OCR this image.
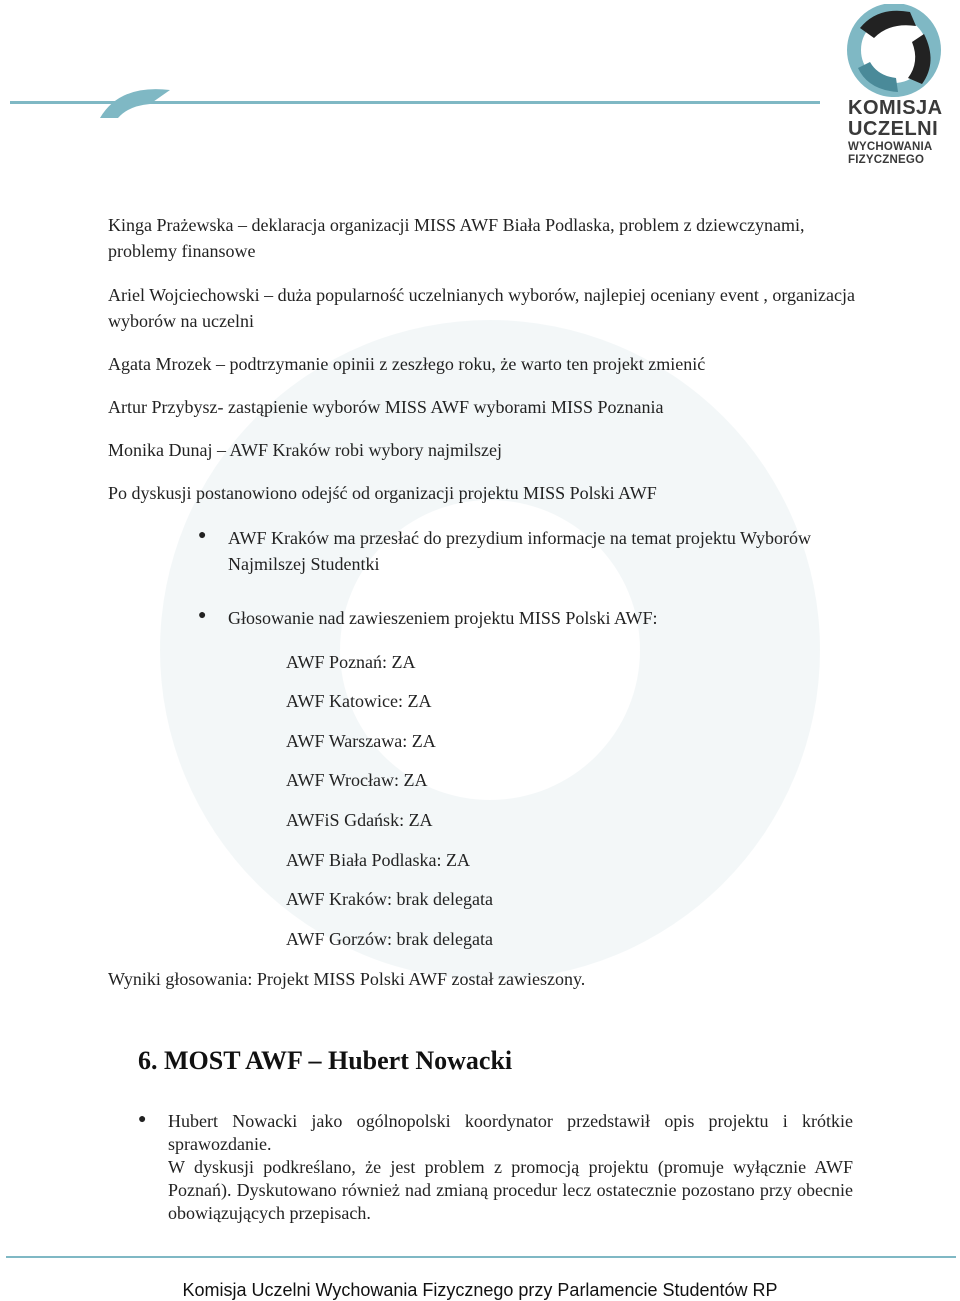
KOMISJA
UCZELNI
WYCHOWANIA
FIZYCZNEGO

Kinga Prażewska – deklaracja organizacji MISS AWF Biała Podlaska, problem z dziewczynami, problemy finansowe

Ariel Wojciechowski – duża popularność uczelnianych wyborów, najlepiej oceniany event , organizacja wyborów na uczelni

Agata Mrozek – podtrzymanie opinii z zeszłego roku, że warto ten projekt zmienić

Artur Przybysz- zastąpienie wyborów MISS AWF wyborami MISS Poznania

Monika Dunaj – AWF Kraków robi wybory najmilszej

Po dyskusji postanowiono odejść od organizacji projektu MISS Polski AWF

● AWF Kraków ma przesłać do prezydium informacje na temat projektu Wyborów Najmilszej Studentki

● Głosowanie nad zawieszeniem projektu MISS Polski AWF:

AWF Poznań: ZA
AWF Katowice: ZA
AWF Warszawa: ZA
AWF Wrocław: ZA
AWFiS Gdańsk: ZA
AWF Biała Podlaska: ZA
AWF Kraków: brak delegata
AWF Gorzów: brak delegata

Wyniki głosowania: Projekt MISS Polski AWF został zawieszony.

6. MOST AWF – Hubert Nowacki
● Hubert Nowacki jako ogólnopolski koordynator przedstawił opis projektu i krótkie sprawozdanie.
W dyskusji podkreślano, że jest problem z promocją projektu (promuje wyłącznie AWF Poznań). Dyskutowano również nad zmianą procedur lecz ostatecznie pozostano przy obecnie obowiązujących przepisach.
Komisja Uczelni Wychowania Fizycznego przy Parlamencie Studentów RP
